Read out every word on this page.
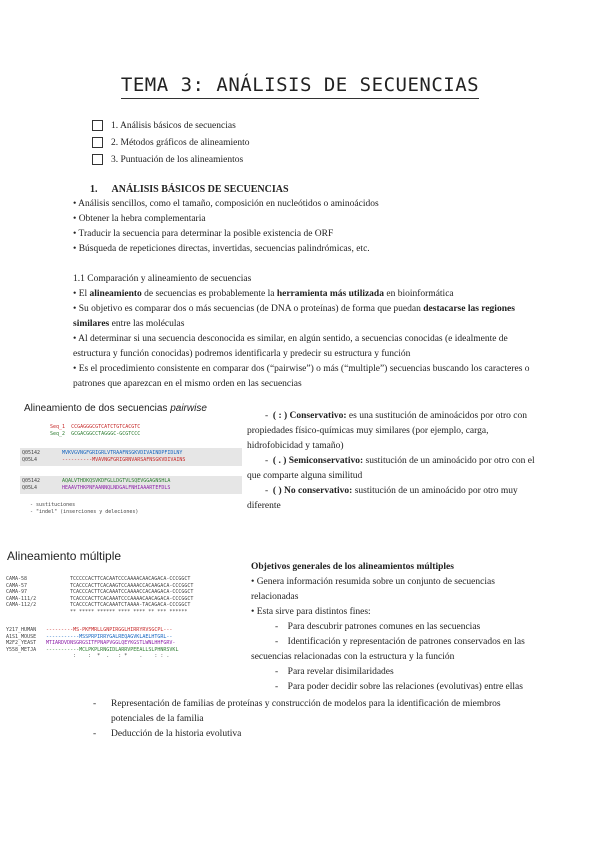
TEMA 3: ANÁLISIS DE SECUENCIAS
1. Análisis básicos de secuencias
2. Métodos gráficos de alineamiento
3. Puntuación de los alineamientos
1. ANÁLISIS BÁSICOS DE SECUENCIAS
• Análisis sencillos, como el tamaño, composición en nucleótidos o aminoácidos
• Obtener la hebra complementaria
• Traducir la secuencia para determinar la posible existencia de ORF
• Búsqueda de repeticiones directas, invertidas, secuencias palindrómicas, etc.
1.1 Comparación y alineamiento de secuencias
• El alineamiento de secuencias es probablemente la herramienta más utilizada en bioinformática
• Su objetivo es comparar dos o más secuencias (de DNA o proteínas) de forma que puedan destacarse las regiones similares entre las moléculas
• Al determinar si una secuencia desconocida es similar, en algún sentido, a secuencias conocidas (e idealmente de estructura y función conocidas) podremos identificarla y predecir su estructura y función
• Es el procedimiento consistente en comparar dos (“pairwise”) o más (“multiple”) secuencias buscando los caracteres o patrones que aparezcan en el mismo orden en las secuencias
Alineamiento de dos secuencias pairwise
Seq_1  CCGAGGGCGTCATCTGTCACGTC
Seq_2  GCGACGGCCTAGGGC-GCGTCCC
Q05142
Q05L4
MVKVGVNGFGRIGRLVTRAAFNSGKVDIVAINDPFIDLNY
----------MVAVNGFGRIGRNVARSAFNSGKVDIVAINS
Q05142
Q05L4
AQALVTHDKQSVKDFGLLDGTVLSQEVGGAGNSHLA
HEAAVTHKPNFAANNQLNDGALFNHIAAARTEFDLS
- sustituciones
- "indel" (inserciones y deleciones)
-  ( : ) Conservativo: es una sustitución de aminoácidos por otro con propiedades físico-químicas muy similares (por ejemplo, carga, hidrofobicidad y tamaño)
-  ( . ) Semiconservativo: sustitución de un aminoácido por otro con el que comparte alguna similitud
-  ( ) No conservativo: sustitución de un aminoácido por otro muy diferente
Alineamiento múltiple
CAMA-58
CAMA-57
CAMA-97
CAMA-111/2
CAMA-112/2
TCCCCCACTTCACAATCCCAAAACAACAGACA-CCCGGCT
TCACCCACTTCACAAGTCCAAAACCACAAGACA-CCCGGCT
TCACCCACTTCACAAATCCAAAACCACAAGACA-CCCGGCT
TCACCCACTTCACAAATCCCAAAACAACAGACA-CCCGGCT
TCACCCACTTCACAAATCTAAAA-TACAGACA-CCCGGCT
** ***** ****** **** **** ** *** ******
Y217_HUMAN
A1S1_MOUSE
M2F2_YEAST
Y558_METJA
---------MS-PKFMRLLGNPIRGGLHIRRYRVSGCPL---
-----------MSSPRPIRRYGALREQAGVKLAELHTGRL--
MTIARDVDNSGRGSITFPNAPVGGLQEYKGSTLWNLHHFGRV-
-----------MCLPKPLRNGIDLARRVPEEALLSLPHNRSVKL
:    :  *  .   : *    .    : : .
Objetivos generales de los alineamientos múltiples
• Genera información resumida sobre un conjunto de secuencias relacionadas
• Esta sirve para distintos fines:
-    Para descubrir patrones comunes en las secuencias
-    Identificación y representación de patrones conservados en las secuencias relacionadas con la estructura y la función
-    Para revelar disimilaridades
-    Para poder decidir sobre las relaciones (evolutivas) entre ellas
-	Representación de familias de proteínas y construcción de modelos para la identificación de miembros potenciales de la familia
-	Deducción de la historia evolutiva
